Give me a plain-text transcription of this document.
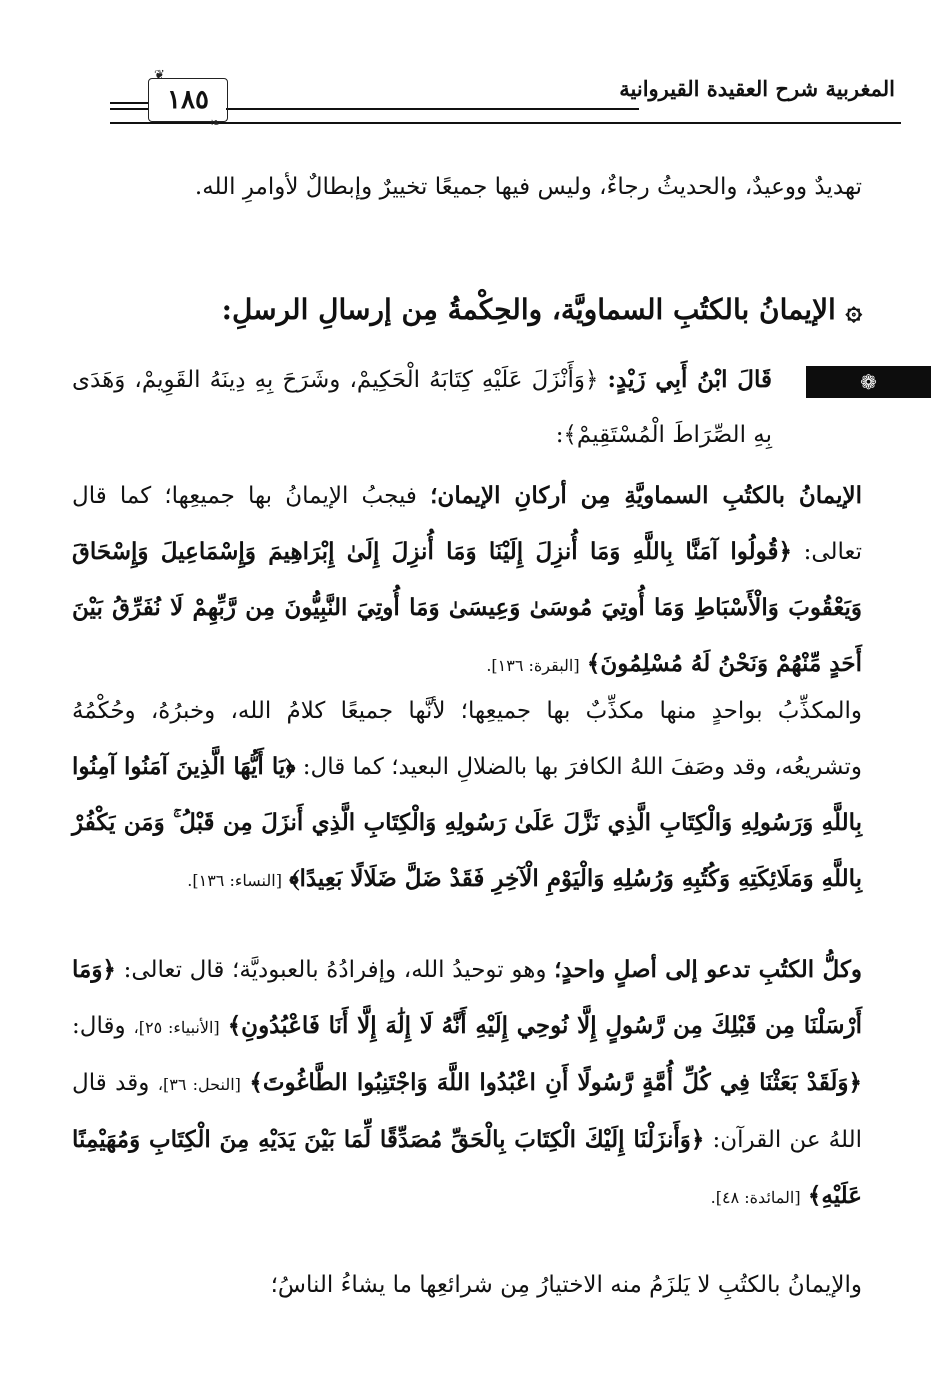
المغربية شرح العقيدة القيروانية
❦
❧
١٨٥
❁

تهديدٌ ووعيدٌ، والحديثُ رجاءٌ، وليس فيها جميعًا تخييرٌ وإبطالٌ لأوامرِ الله.

۞ الإيمانُ بالكتُبِ السماويَّة، والحِكْمةُ مِن إرسالِ الرسلِ:

قَالَ ابْنُ أَبِي زَيْدٍ: ﴿وَأَنْزَلَ عَلَيْهِ كِتَابَهُ الْحَكِيمْ، وشَرَحَ بِهِ دِينَهُ القَوِيمْ، وَهَدَى بِهِ الصِّرَاطَ الْمُسْتَقِيمْ﴾:

الإيمانُ بالكتُبِ السماويَّةِ مِن أركانِ الإيمان؛ فيجبُ الإيمانُ بها جميعِها؛ كما قال تعالى: ﴿قُولُوا آمَنَّا بِاللَّهِ وَمَا أُنزِلَ إِلَيْنَا وَمَا أُنزِلَ إِلَىٰ إِبْرَاهِيمَ وَإِسْمَاعِيلَ وَإِسْحَاقَ وَيَعْقُوبَ وَالْأَسْبَاطِ وَمَا أُوتِيَ مُوسَىٰ وَعِيسَىٰ وَمَا أُوتِيَ النَّبِيُّونَ مِن رَّبِّهِمْ لَا نُفَرِّقُ بَيْنَ أَحَدٍ مِّنْهُمْ وَنَحْنُ لَهُ مُسْلِمُونَ﴾ [البقرة: ١٣٦].

والمكذِّبُ بواحدٍ منها مكذِّبٌ بها جميعِها؛ لأنَّها جميعًا كلامُ الله، وخبرُهُ، وحُكْمُهُ وتشريعُه، وقد وصَفَ اللهُ الكافرَ بها بالضلالِ البعيد؛ كما قال: ﴿يَا أَيُّهَا الَّذِينَ آمَنُوا آمِنُوا بِاللَّهِ وَرَسُولِهِ وَالْكِتَابِ الَّذِي نَزَّلَ عَلَىٰ رَسُولِهِ وَالْكِتَابِ الَّذِي أَنزَلَ مِن قَبْلُ ۚ وَمَن يَكْفُرْ بِاللَّهِ وَمَلَائِكَتِهِ وَكُتُبِهِ وَرُسُلِهِ وَالْيَوْمِ الْآخِرِ فَقَدْ ضَلَّ ضَلَالًا بَعِيدًا﴾ [النساء: ١٣٦].

وكلُّ الكتُبِ تدعو إلى أصلٍ واحدٍ؛ وهو توحيدُ الله، وإفرادُهُ بالعبوديَّة؛ قال تعالى: ﴿وَمَا أَرْسَلْنَا مِن قَبْلِكَ مِن رَّسُولٍ إِلَّا نُوحِي إِلَيْهِ أَنَّهُ لَا إِلَٰهَ إِلَّا أَنَا فَاعْبُدُونِ﴾ [الأنبياء: ٢٥]، وقال: ﴿وَلَقَدْ بَعَثْنَا فِي كُلِّ أُمَّةٍ رَّسُولًا أَنِ اعْبُدُوا اللَّهَ وَاجْتَنِبُوا الطَّاغُوتَ﴾ [النحل: ٣٦]، وقد قال اللهُ عن القرآن: ﴿وَأَنزَلْنَا إِلَيْكَ الْكِتَابَ بِالْحَقِّ مُصَدِّقًا لِّمَا بَيْنَ يَدَيْهِ مِنَ الْكِتَابِ وَمُهَيْمِنًا عَلَيْهِ﴾ [المائدة: ٤٨].

والإيمانُ بالكتُبِ لا يَلزَمُ منه الاختيارُ مِن شرائعِها ما يشاءُ الناسُ؛
